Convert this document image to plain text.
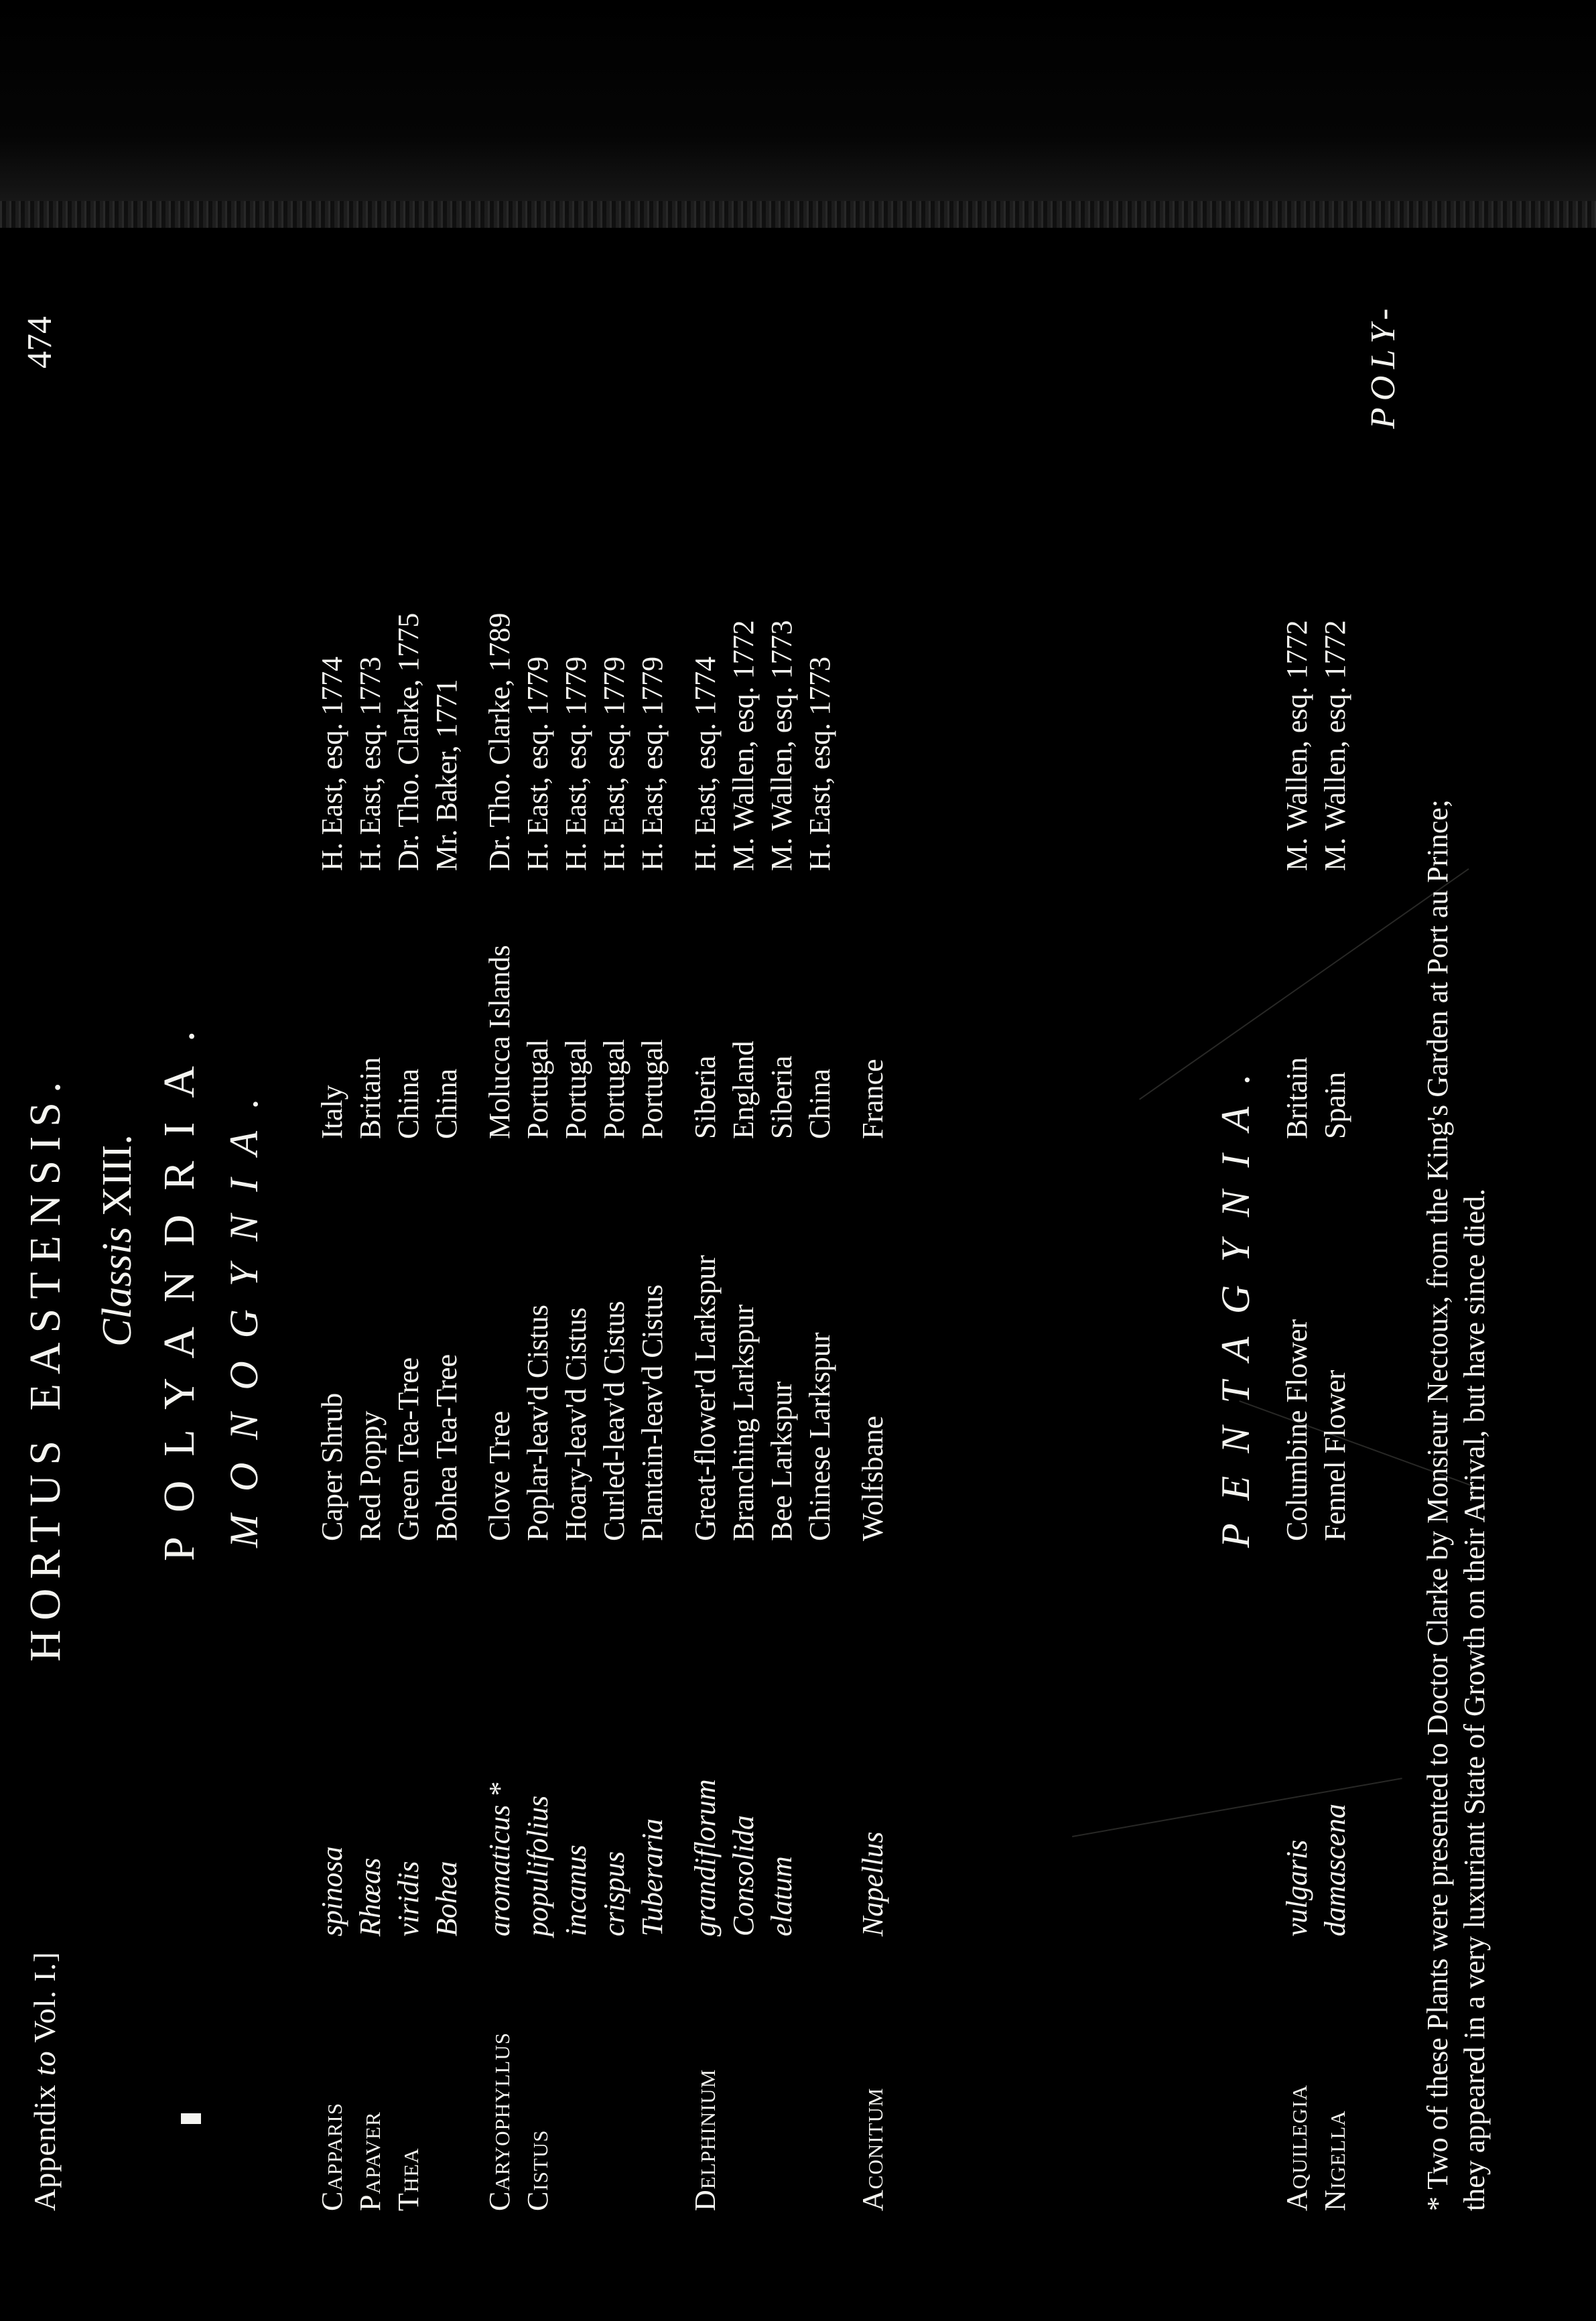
Appendix to Vol. I.]
HORTUS EASTENSIS.
474
Classis XIII. POLYANDRIA. MONOGYNIA.	PENTAGYNIA.	* Two of these Plants were presented to Doctor Clarke by Monsieur Nectoux, from the King's Garden at Port au Prince; they appeared in a very luxuriant State of Growth on their Arrival, but have since died.
POLY-
Capparis
spinosa
Caper Shrub
Italy
H. East, esq. 1774
Papaver
Rhœas
Red Poppy
Britain
H. East, esq. 1773
Thea
viridis
Green Tea-Tree
China
Dr. Tho. Clarke, 1775
Bohea
Bohea Tea-Tree
China
Mr. Baker, 1771
Caryophyllus
aromaticus *
Clove Tree
Molucca Islands
Dr. Tho. Clarke, 1789
Cistus
populifolius
Poplar-leav'd Cistus
Portugal
H. East, esq. 1779
incanus
Hoary-leav'd Cistus
Portugal
H. East, esq. 1779
crispus
Curled-leav'd Cistus
Portugal
H. East, esq. 1779
Tuberaria
Plantain-leav'd Cistus
Portugal
H. East, esq. 1779
Delphinium
grandiflorum
Great-flower'd Larkspur
Siberia
H. East, esq. 1774
Consolida
Branching Larkspur
England
M. Wallen, esq. 1772
elatum
Bee Larkspur
Siberia
M. Wallen, esq. 1773
Chinese Larkspur
China
H. East, esq. 1773
Aconitum
Napellus
Wolfsbane
France
Aquilegia
vulgaris
Columbine Flower
Britain
M. Wallen, esq. 1772
Nigella
damascena
Fennel Flower
Spain
M. Wallen, esq. 1772
